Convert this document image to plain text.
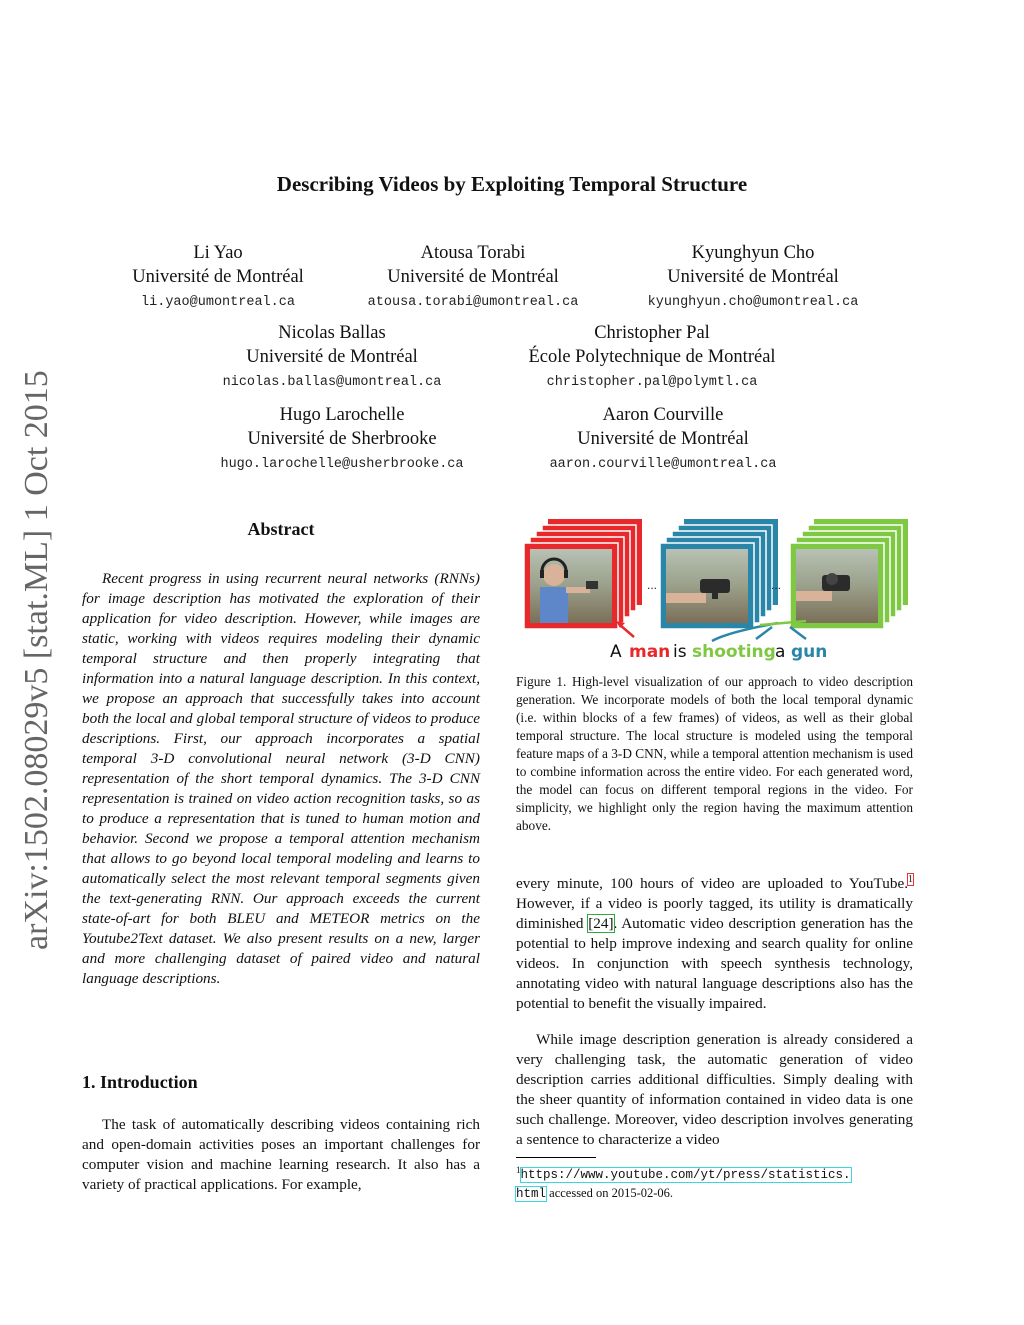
arXiv:1502.08029v5 [stat.ML] 1 Oct 2015
Describing Videos by Exploiting Temporal Structure
Li Yao
Université de Montréal
li.yao@umontreal.ca
Atousa Torabi
Université de Montréal
atousa.torabi@umontreal.ca
Kyunghyun Cho
Université de Montréal
kyunghyun.cho@umontreal.ca
Nicolas Ballas
Université de Montréal
nicolas.ballas@umontreal.ca
Christopher Pal
École Polytechnique de Montréal
christopher.pal@polymtl.ca
Hugo Larochelle
Université de Sherbrooke
hugo.larochelle@usherbrooke.ca
Aaron Courville
Université de Montréal
aaron.courville@umontreal.ca
Abstract
Recent progress in using recurrent neural networks (RNNs) for image description has motivated the exploration of their application for video description. However, while images are static, working with videos requires modeling their dynamic temporal structure and then properly integrating that information into a natural language description. In this context, we propose an approach that successfully takes into account both the local and global temporal structure of videos to produce descriptions. First, our approach incorporates a spatial temporal 3-D convolutional neural network (3-D CNN) representation of the short temporal dynamics. The 3-D CNN representation is trained on video action recognition tasks, so as to produce a representation that is tuned to human motion and behavior. Second we propose a temporal attention mechanism that allows to go beyond local temporal modeling and learns to automatically select the most relevant temporal segments given the text-generating RNN. Our approach exceeds the current state-of-art for both BLEU and METEOR metrics on the Youtube2Text dataset. We also present results on a new, larger and more challenging dataset of paired video and natural language descriptions.
1. Introduction
The task of automatically describing videos containing rich and open-domain activities poses an important challenges for computer vision and machine learning research. It also has a variety of practical applications. For example,
...	...
A man is shooting a gun
Figure 1. High-level visualization of our approach to video description generation. We incorporate models of both the local temporal dynamic (i.e. within blocks of a few frames) of videos, as well as their global temporal structure. The local structure is modeled using the temporal feature maps of a 3-D CNN, while a temporal attention mechanism is used to combine information across the entire video. For each generated word, the model can focus on different temporal regions in the video. For simplicity, we highlight only the region having the maximum attention above.
every minute, 100 hours of video are uploaded to YouTube.$^1$ However, if a video is poorly tagged, its utility is dramatically diminished [24]. Automatic video description generation has the potential to help improve indexing and search quality for online videos. In conjunction with speech synthesis technology, annotating video with natural language descriptions also has the potential to benefit the visually impaired.
While image description generation is already considered a very challenging task, the automatic generation of video description carries additional difficulties. Simply dealing with the sheer quantity of information contained in video data is one such challenge. Moreover, video description involves generating a sentence to characterize a video
$^1$https://www.youtube.com/yt/press/statistics.
html accessed on 2015-02-06.
